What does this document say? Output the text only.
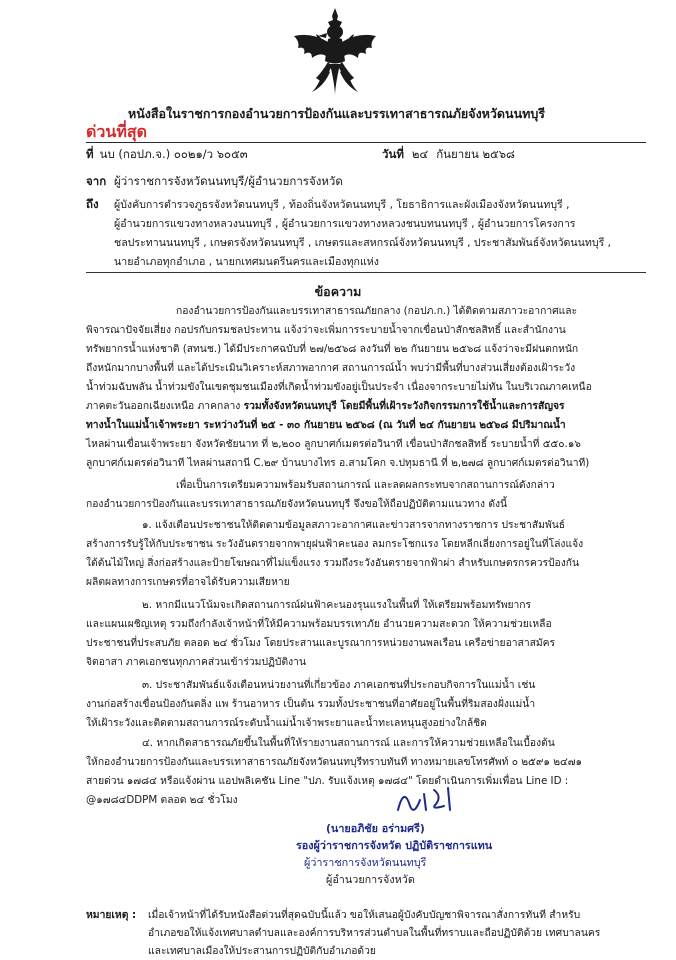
หนังสือในราชการกองอำนวยการป้องกันและบรรเทาสาธารณภัยจังหวัดนนทบุรี
ด่วนที่สุด
ที่ นบ (กอปภ.จ.) ๐๐๒๑/ว ๖๐๕๓	วันที่ ๒๔ กันยายน ๒๕๖๘
จาก ผู้ว่าราชการจังหวัดนนทบุรี/ผู้อำนวยการจังหวัด
ถึง ผู้บังคับการตำรวจภูธรจังหวัดนนทบุรี , ท้องถิ่นจังหวัดนนทบุรี , โยธาธิการและผังเมืองจังหวัดนนทบุรี ,
ผู้อำนวยการแขวงทางหลวงนนทบุรี , ผู้อำนวยการแขวงทางหลวงชนบทนนทบุรี , ผู้อำนวยการโครงการ
ชลประทานนนทบุรี , เกษตรจังหวัดนนทบุรี , เกษตรและสหกรณ์จังหวัดนนทบุรี , ประชาสัมพันธ์จังหวัดนนทบุรี ,
นายอำเภอทุกอำเภอ , นายกเทศมนตรีนครและเมืองทุกแห่ง
ข้อความ
กองอำนวยการป้องกันและบรรเทาสาธารณภัยกลาง (กอปภ.ก.) ได้ติดตามสภาวะอากาศและ
พิจารณาปัจจัยเสี่ยง กอปรกับกรมชลประทาน แจ้งว่าจะเพิ่มการระบายน้ำจากเขื่อนป่าสักชลสิทธิ์ และสำนักงาน
ทรัพยากรน้ำแห่งชาติ (สทนช.) ได้มีประกาศฉบับที่ ๒๗/๒๕๖๘ ลงวันที่ ๒๒ กันยายน ๒๕๖๘ แจ้งว่าจะมีฝนตกหนัก
ถึงหนักมากบางพื้นที่ และได้ประเมินวิเคราะห์สภาพอากาศ สถานการณ์น้ำ พบว่ามีพื้นที่บางส่วนเสี่ยงต้องเฝ้าระวัง
น้ำท่วมฉับพลัน น้ำท่วมขังในเขตชุมชนเมืองที่เกิดน้ำท่วมขังอยู่เป็นประจำ เนื่องจากระบายไม่ทัน ในบริเวณภาคเหนือ
ภาคตะวันออกเฉียงเหนือ ภาคกลาง รวมทั้งจังหวัดนนทบุรี โดยมีพื้นที่เฝ้าระวังกิจกรรมการใช้น้ำและการสัญจร
ทางน้ำในแม่น้ำเจ้าพระยา ระหว่างวันที่ ๒๕ - ๓๐ กันยายน ๒๕๖๘ (ณ วันที่ ๒๔ กันยายน ๒๕๖๘ มีปริมาณน้ำ
ไหลผ่านเขื่อนเจ้าพระยา จังหวัดชัยนาท ที่ ๒,๒๐๐ ลูกบาศก์เมตรต่อวินาที เขื่อนป่าสักชลสิทธิ์ ระบายน้ำที่ ๕๕๐.๑๖
ลูกบาศก์เมตรต่อวินาที ไหลผ่านสถานี C.๒๙ บ้านบางไทร อ.สามโคก จ.ปทุมธานี ที่ ๒,๒๗๘ ลูกบาศก์เมตรต่อวินาที)
เพื่อเป็นการเตรียมความพร้อมรับสถานการณ์ และลดผลกระทบจากสถานการณ์ดังกล่าว
กองอำนวยการป้องกันและบรรเทาสาธารณภัยจังหวัดนนทบุรี จึงขอให้ถือปฏิบัติตามแนวทาง ดังนี้
๑. แจ้งเตือนประชาชนให้ติดตามข้อมูลสภาวะอากาศและข่าวสารจากทางราชการ ประชาสัมพันธ์
สร้างการรับรู้ให้กับประชาชน ระวังอันตรายจากพายุฝนฟ้าคะนอง ลมกระโชกแรง โดยหลีกเลี่ยงการอยู่ในที่โล่งแจ้ง
ใต้ต้นไม้ใหญ่ สิ่งก่อสร้างและป้ายโฆษณาที่ไม่แข็งแรง รวมถึงระวังอันตรายจากฟ้าผ่า สำหรับเกษตรกรควรป้องกัน
ผลิตผลทางการเกษตรที่อาจได้รับความเสียหาย
๒. หากมีแนวโน้มจะเกิดสถานการณ์ฝนฟ้าคะนองรุนแรงในพื้นที่ ให้เตรียมพร้อมทรัพยากร
และแผนเผชิญเหตุ รวมถึงกำลังเจ้าหน้าที่ให้มีความพร้อมบรรเทาภัย อำนวยความสะดวก ให้ความช่วยเหลือ
ประชาชนที่ประสบภัย ตลอด ๒๔ ชั่วโมง โดยประสานและบูรณาการหน่วยงานพลเรือน เครือข่ายอาสาสมัคร
จิตอาสา ภาคเอกชนทุกภาคส่วนเข้าร่วมปฏิบัติงาน
๓. ประชาสัมพันธ์แจ้งเตือนหน่วยงานที่เกี่ยวข้อง ภาคเอกชนที่ประกอบกิจการในแม่น้ำ เช่น
งานก่อสร้างเขื่อนป้องกันตลิ่ง แพ ร้านอาหาร เป็นต้น รวมทั้งประชาชนที่อาศัยอยู่ในพื้นที่ริมสองฝั่งแม่น้ำ
ให้เฝ้าระวังและติดตามสถานการณ์ระดับน้ำแม่น้ำเจ้าพระยาและน้ำทะเลหนุนสูงอย่างใกล้ชิด
๔. หากเกิดสาธารณภัยขึ้นในพื้นที่ให้รายงานสถานการณ์ และการให้ความช่วยเหลือในเบื้องต้น
ให้กองอำนวยการป้องกันและบรรเทาสาธารณภัยจังหวัดนนทบุรีทราบทันที ทางหมายเลขโทรศัพท์ ๐ ๒๕๙๑ ๒๔๗๑
สายด่วน ๑๗๘๔ หรือแจ้งผ่าน แอปพลิเคชัน Line "ปภ. รับแจ้งเหตุ ๑๗๘๔" โดยดำเนินการเพิ่มเพื่อน Line ID :
@๑๗๘๔DDPM ตลอด ๒๔ ชั่วโมง
(นายอภิชัย อร่ามศรี)
รองผู้ว่าราชการจังหวัด ปฏิบัติราชการแทน
ผู้ว่าราชการจังหวัดนนทบุรี
ผู้อำนวยการจังหวัด
หมายเหตุ : เมื่อเจ้าหน้าที่ได้รับหนังสือด่วนที่สุดฉบับนี้แล้ว ขอให้เสนอผู้บังคับบัญชาพิจารณาสั่งการทันที สำหรับ
อำเภอขอให้แจ้งเทศบาลตำบลและองค์การบริหารส่วนตำบลในพื้นที่ทราบและถือปฏิบัติด้วย เทศบาลนคร
และเทศบาลเมืองให้ประสานการปฏิบัติกับอำเภอด้วย
